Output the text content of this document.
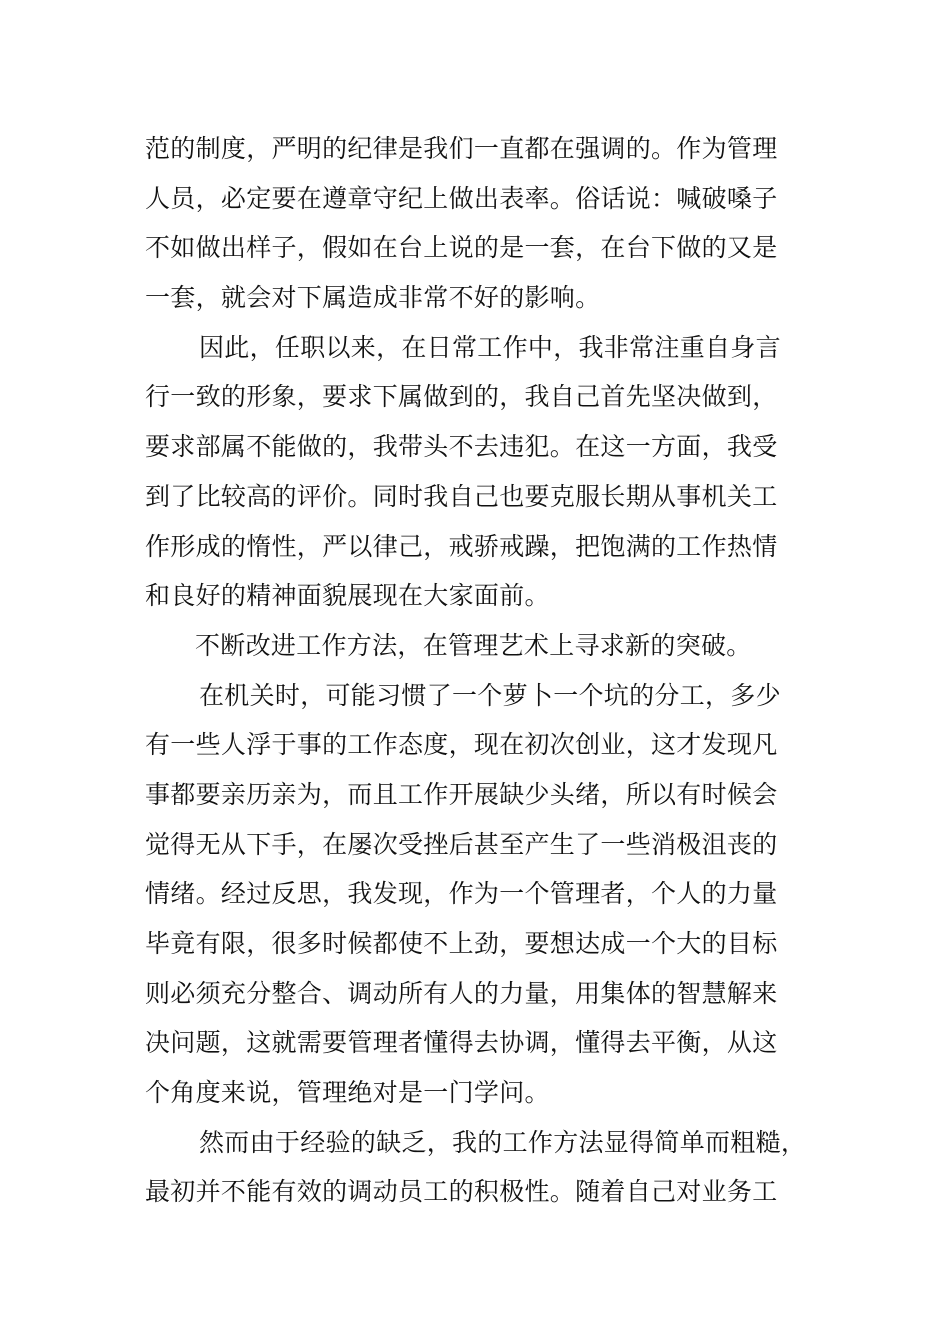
范的制度，严明的纪律是我们一直都在强调的。作为管理
人员，必定要在遵章守纪上做出表率。俗话说：喊破嗓子
不如做出样子，假如在台上说的是一套，在台下做的又是
一套，就会对下属造成非常不好的影响。
因此，任职以来，在日常工作中，我非常注重自身言
行一致的形象，要求下属做到的，我自己首先坚决做到，
要求部属不能做的，我带头不去违犯。在这一方面，我受
到了比较高的评价。同时我自己也要克服长期从事机关工
作形成的惰性，严以律己，戒骄戒躁，把饱满的工作热情
和良好的精神面貌展现在大家面前。
不断改进工作方法，在管理艺术上寻求新的突破。
在机关时，可能习惯了一个萝卜一个坑的分工，多少
有一些人浮于事的工作态度，现在初次创业，这才发现凡
事都要亲历亲为，而且工作开展缺少头绪，所以有时候会
觉得无从下手，在屡次受挫后甚至产生了一些消极沮丧的
情绪。经过反思，我发现，作为一个管理者，个人的力量
毕竟有限，很多时候都使不上劲，要想达成一个大的目标
则必须充分整合、调动所有人的力量，用集体的智慧解来
决问题，这就需要管理者懂得去协调，懂得去平衡，从这
个角度来说，管理绝对是一门学问。
然而由于经验的缺乏，我的工作方法显得简单而粗糙，
最初并不能有效的调动员工的积极性。随着自己对业务工
